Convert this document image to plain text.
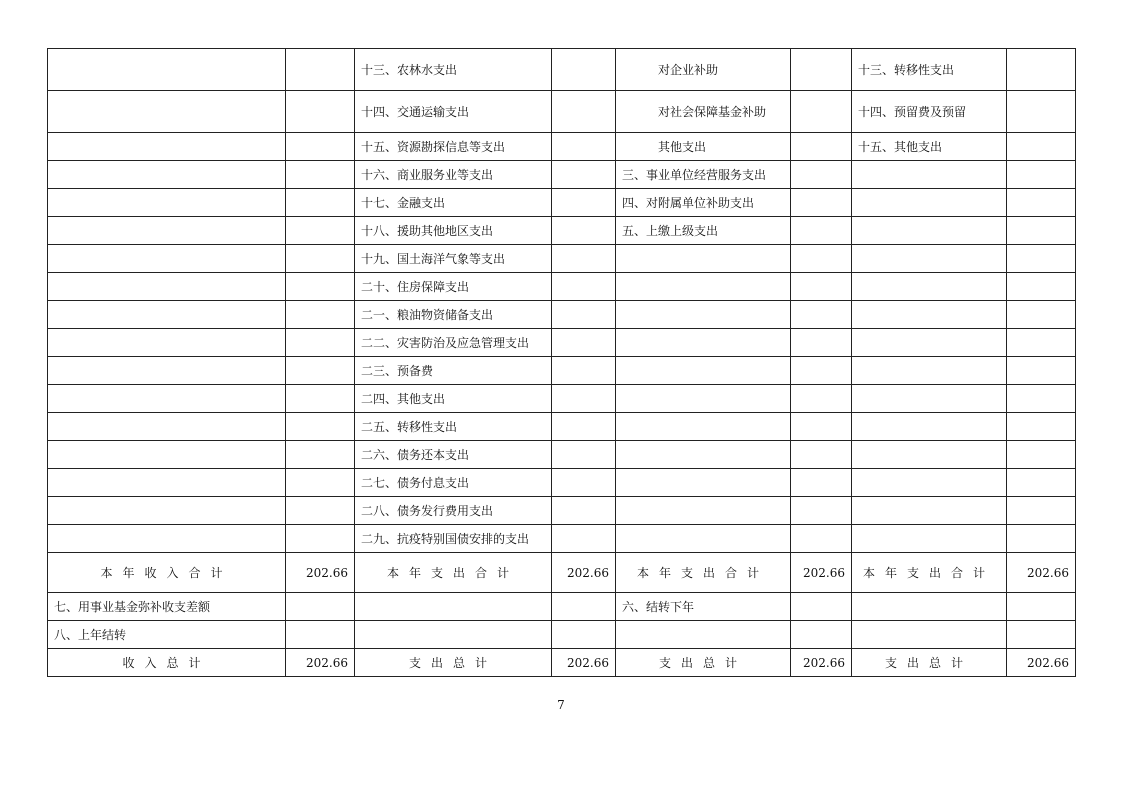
		十三、农林水支出		对企业补助		十三、转移性支出	
		十四、交通运输支出		对社会保障基金补助		十四、预留费及预留	
		十五、资源勘探信息等支出		其他支出		十五、其他支出	
		十六、商业服务业等支出		三、事业单位经营服务支出			
		十七、金融支出		四、对附属单位补助支出			
		十八、援助其他地区支出		五、上缴上级支出			
		十九、国土海洋气象等支出					
		二十、住房保障支出					
		二一、粮油物资储备支出					
		二二、灾害防治及应急管理支出					
		二三、预备费					
		二四、其他支出					
		二五、转移性支出					
		二六、债务还本支出					
		二七、债务付息支出					
		二八、债务发行费用支出					
		二九、抗疫特别国债安排的支出					
本年收入合计	202.66	本年支出合计	202.66	本年支出合计	202.66	本年支出合计	202.66
七、用事业基金弥补收支差额				六、结转下年			
八、上年结转							
收入总计	202.66	支出总计	202.66	支出总计	202.66	支出总计	202.66
7
